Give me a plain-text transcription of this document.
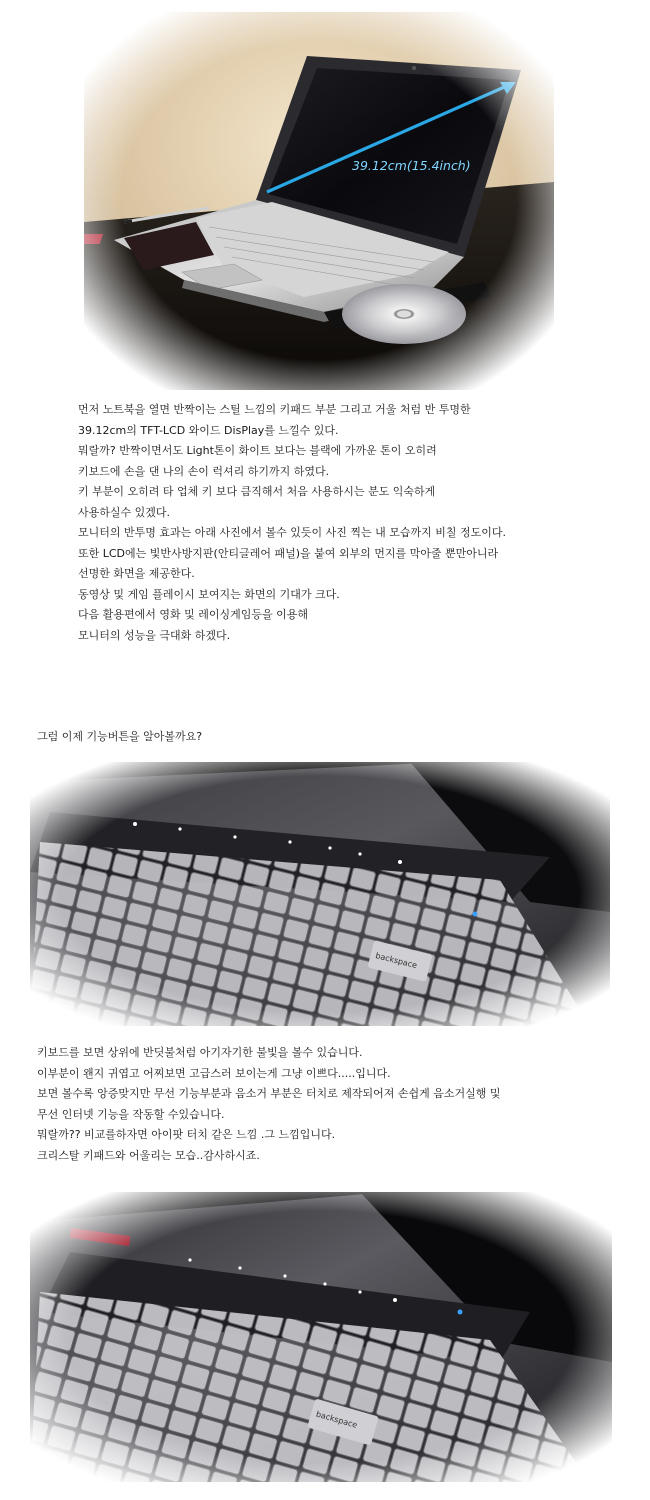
먼저 노트북을 열면 반짝이는 스틸 느낌의 키패드 부분 그리고 거울 처럼 반 투명한

39.12cm의 TFT-LCD 와이드 DisPlay를 느낄수 있다.

뭐랄까? 반짝이면서도 Light톤이 화이트 보다는 블랙에 가까운 톤이 오히려

키보드에 손을 댄 나의 손이 럭셔리 하기까지 하였다.

키 부분이 오히려 타 업체 키 보다 큼직해서 처음 사용하시는 분도 익숙하게

사용하실수 있겠다.

모니터의 반투명 효과는 아래 사진에서 볼수 있듯이 사진 찍는 내 모습까지 비칠 정도이다.

또한 LCD에는 빛반사방지판(안티글레어 패널)을 붙여 외부의 먼지를 막아줄 뿐만아니라

선명한 화면을 제공한다.

동영상 및 게임 플레이시 보여지는 화면의 기대가 크다.

다음 활용편에서 영화 및 레이싱게임등을 이용해

모니터의 성능을 극대화 하겠다.

그럼 이제 기능버튼을 알아볼까요?

키보드를 보면 상위에 반딧불처럼 아기자기한 불빛을 볼수 있습니다.

이부분이 왠지 귀엽고 어찌보면 고급스러 보이는게 그냥 이쁘다.....입니다.

보면 볼수록 앙증맞지만 무선 기능부분과 음소거 부분은 터치로 제작되어져 손쉽게 음소거실행 및

무선 인터넷 기능을 작동할 수있습니다.

뭐랄까?? 비교를하자면 아이팟 터치 같은 느낌 .그 느낌입니다.

크리스탈 키패드와 어울리는 모습..감사하시죠.
